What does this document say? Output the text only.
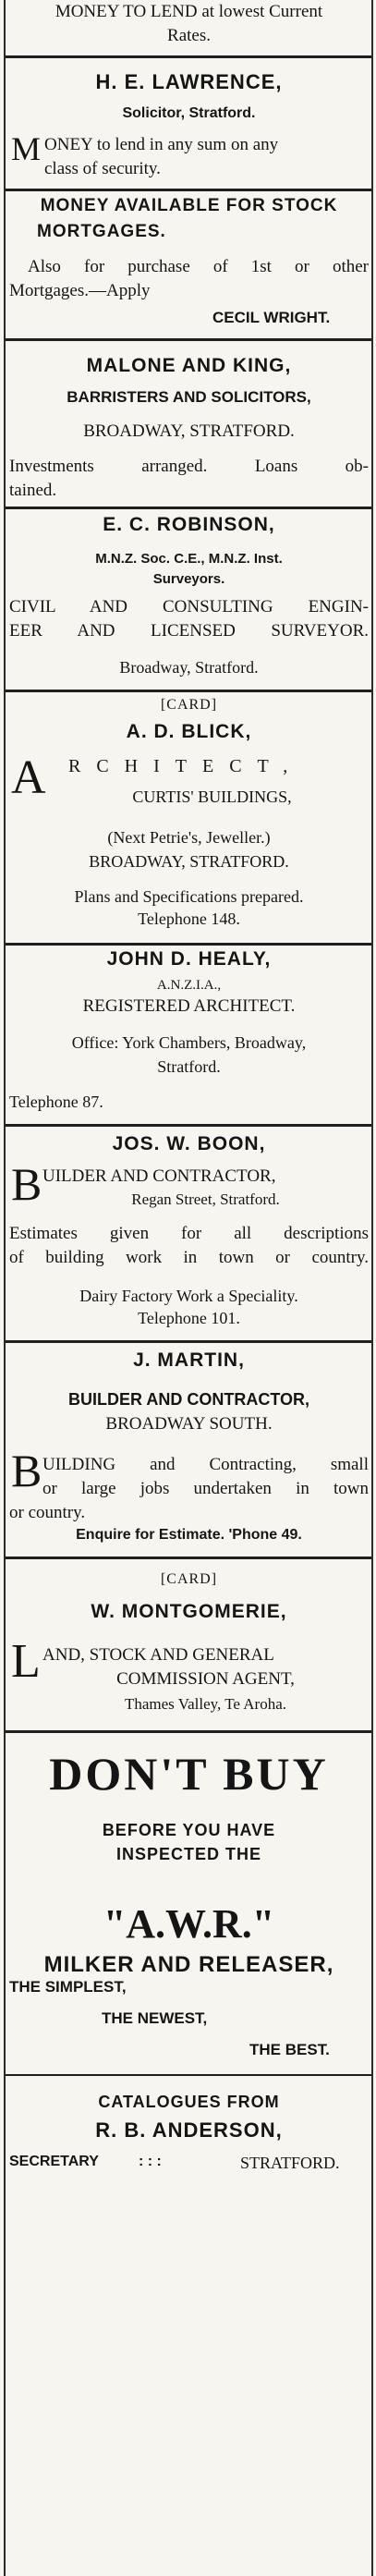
MONEY TO LEND at lowest Current
Rates.
H. E. LAWRENCE,
Solicitor, Stratford.
M ONEY to lend in any sum on any
class of security.
MONEY AVAILABLE FOR STOCK
MORTGAGES.
Also for purchase of 1st or other
Mortgages.—Apply
CECIL WRIGHT.
MALONE AND KING,
BARRISTERS AND SOLICITORS,
BROADWAY, STRATFORD.
Investments arranged. Loans ob-
tained.
E. C. ROBINSON,
M.N.Z. Soc. C.E., M.N.Z. Inst.
Surveyors.
CIVIL AND CONSULTING ENGIN-
EER AND LICENSED SURVEYOR.
Broadway, Stratford.
[CARD]
A. D. BLICK,
A RCHITECT,
CURTIS' BUILDINGS,
(Next Petrie's, Jeweller.)
BROADWAY, STRATFORD.
Plans and Specifications prepared.
Telephone 148.
JOHN D. HEALY,
A.N.Z.I.A.,
REGISTERED ARCHITECT.
Office: York Chambers, Broadway,
Stratford.
Telephone 87.
JOS. W. BOON,
B UILDER AND CONTRACTOR,
Regan Street, Stratford.
Estimates given for all descriptions
of building work in town or country.
Dairy Factory Work a Speciality.
Telephone 101.
J. MARTIN,
BUILDER AND CONTRACTOR,
BROADWAY SOUTH.
B UILDING and Contracting, small
or large jobs undertaken in town
or country.
Enquire for Estimate. 'Phone 49.
[CARD]
W. MONTGOMERIE,
L AND, STOCK AND GENERAL
COMMISSION AGENT,
Thames Valley, Te Aroha.
DON'T BUY
BEFORE YOU HAVE
INSPECTED THE
"A.W.R."
MILKER AND RELEASER,
THE SIMPLEST,
THE NEWEST,
THE BEST.
CATALOGUES FROM
R. B. ANDERSON,
SECRETARY	: : :	STRATFORD.
